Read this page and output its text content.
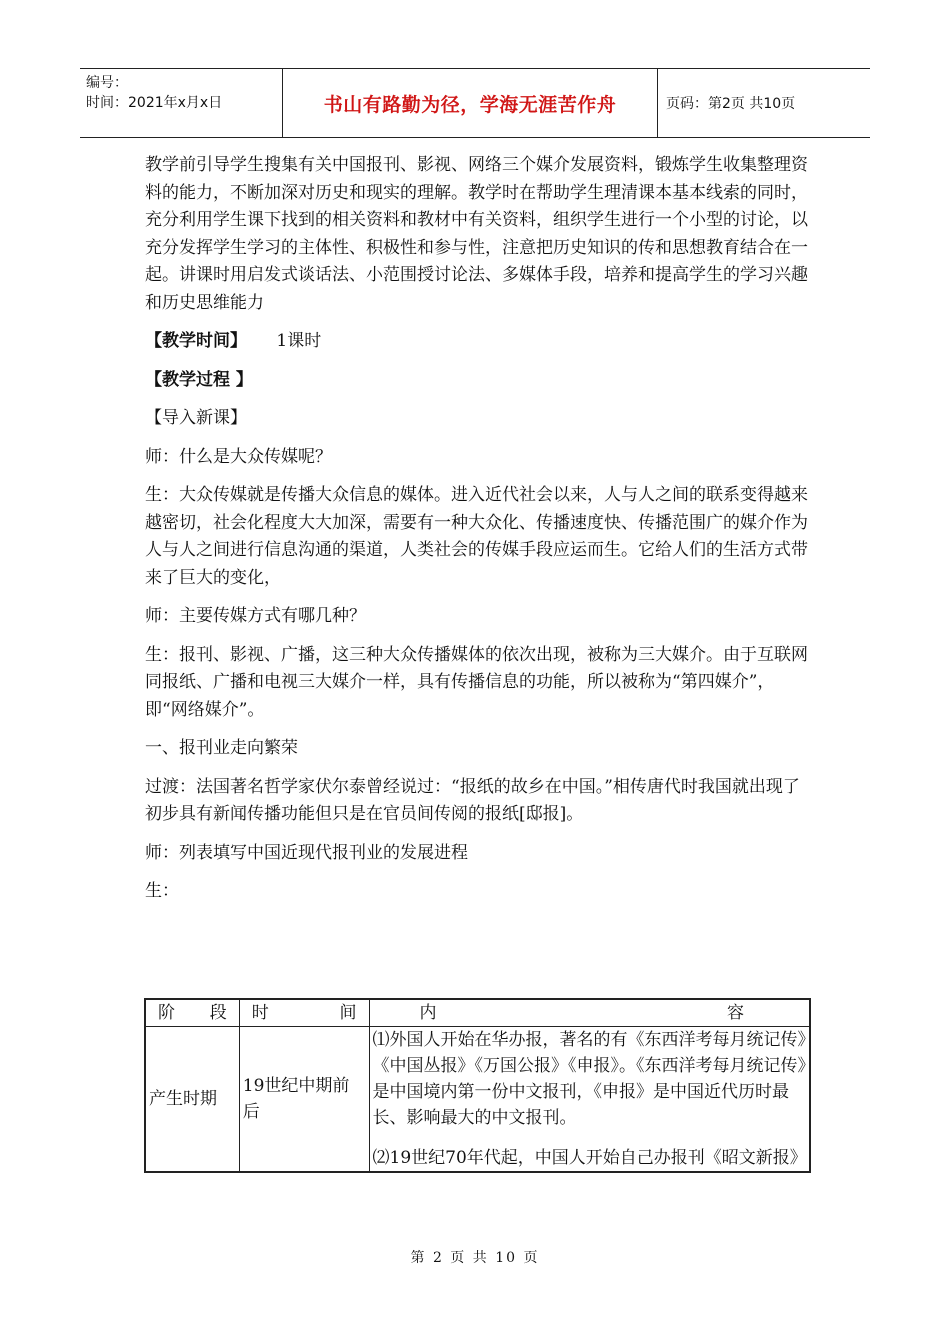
编号：
时间：2021年x月x日	书山有路勤为径，学海无涯苦作舟	页码：第2页 共10页

教学前引导学生搜集有关中国报刊、影视、网络三个媒介发展资料，锻炼学生收集整理资料的能力，不断加深对历史和现实的理解。教学时在帮助学生理清课本基本线索的同时，充分利用学生课下找到的相关资料和教材中有关资料，组织学生进行一个小型的讨论，以充分发挥学生学习的主体性、积极性和参与性，注意把历史知识的传和思想教育结合在一起。讲课时用启发式谈话法、小范围授讨论法、多媒体手段，培养和提高学生的学习兴趣和历史思维能力

【教学时间】 1课时

【教学过程 】

【导入新课】

师：什么是大众传媒呢？

生：大众传媒就是传播大众信息的媒体。进入近代社会以来，人与人之间的联系变得越来越密切，社会化程度大大加深，需要有一种大众化、传播速度快、传播范围广的媒介作为人与人之间进行信息沟通的渠道，人类社会的传媒手段应运而生。它给人们的生活方式带来了巨大的变化，

师：主要传媒方式有哪几种？

生：报刊、影视、广播，这三种大众传播媒体的依次出现，被称为三大媒介。由于互联网同报纸、广播和电视三大媒介一样，具有传播信息的功能，所以被称为“第四媒介”，即“网络媒介”。

一、报刊业走向繁荣

过渡：法国著名哲学家伏尔泰曾经说过：“报纸的故乡在中国。”相传唐代时我国就出现了初步具有新闻传播功能但只是在官员间传阅的报纸[邸报]。

师：列表填写中国近现代报刊业的发展进程

生：

阶段	时间	内容
产生时期	19世纪中期前后	⑴外国人开始在华办报，著名的有《东西洋考每月统记传》《中国丛报》《万国公报》《申报》。《东西洋考每月统记传》是中国境内第一份中文报刊，《申报》是中国近代历时最长、影响最大的中文报刊。
⑵19世纪70年代起，中国人开始自己办报刊《昭文新报》
第 2 页 共 10 页
